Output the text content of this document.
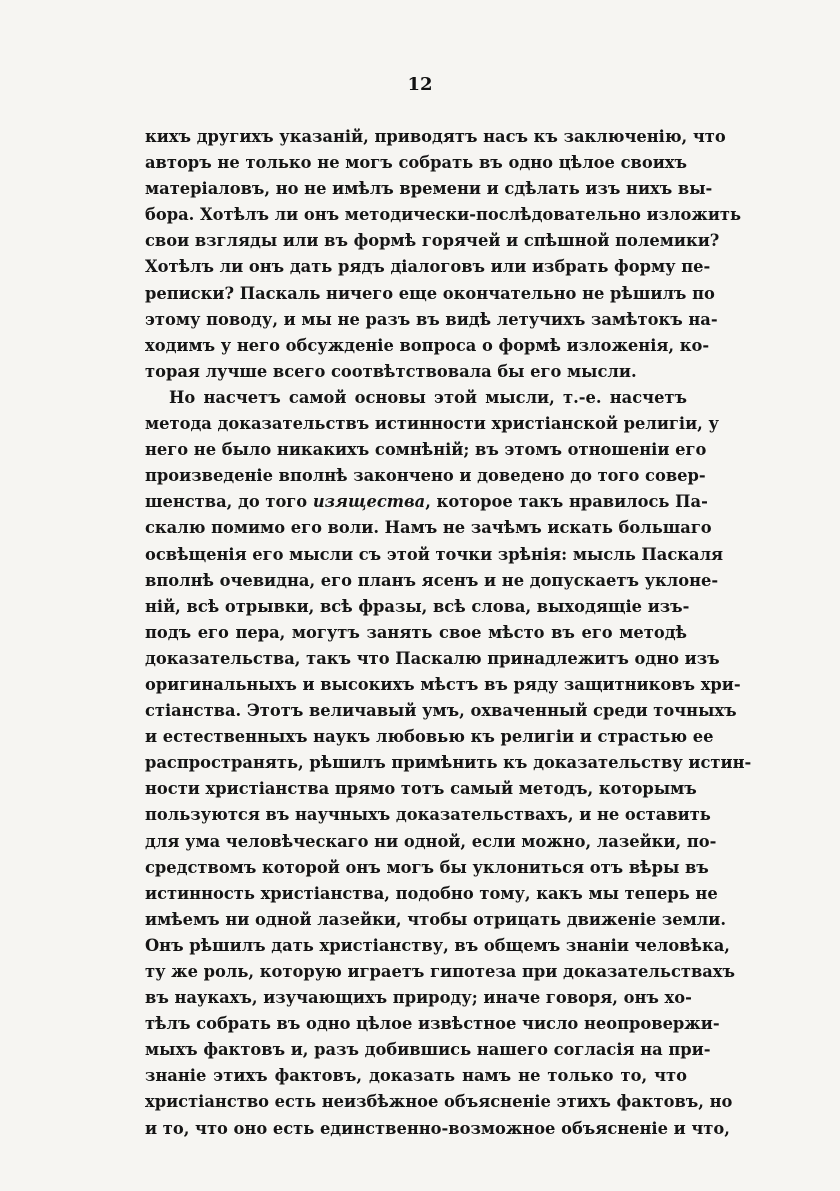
12
кихъ другихъ указаній, приводятъ насъ къ заключенію, что
авторъ не только не могъ собрать въ одно цѣлое своихъ
матеріаловъ, но не имѣлъ времени и сдѣлать изъ нихъ вы-
бора. Хотѣлъ ли онъ методически-послѣдовательно изложить
свои взгляды или въ формѣ горячей и спѣшной полемики?
Хотѣлъ ли онъ дать рядъ діалоговъ или избрать форму пе-
реписки? Паскаль ничего еще окончательно не рѣшилъ по
этому поводу, и мы не разъ въ видѣ летучихъ замѣтокъ на-
ходимъ у него обсужденіе вопроса о формѣ изложенія, ко-
торая лучше всего соотвѣтствовала бы его мысли.
Но насчетъ самой основы этой мысли, т.-е. насчетъ
метода доказательствъ истинности христіанской религіи, у
него не было никакихъ сомнѣній; въ этомъ отношеніи его
произведеніе вполнѣ закончено и доведено до того совер-
шенства, до того изящества, которое такъ нравилось Па-
скалю помимо его воли. Намъ не зачѣмъ искать большаго
освѣщенія его мысли съ этой точки зрѣнія: мысль Паскаля
вполнѣ очевидна, его планъ ясенъ и не допускаетъ уклоне-
ній, всѣ отрывки, всѣ фразы, всѣ слова, выходящіе изъ-
подъ его пера, могутъ занять свое мѣсто въ его методѣ
доказательства, такъ что Паскалю принадлежитъ одно изъ
оригинальныхъ и высокихъ мѣстъ въ ряду защитниковъ хри-
стіанства. Этотъ величавый умъ, охваченный среди точныхъ
и естественныхъ наукъ любовью къ религіи и страстью ее
распространять, рѣшилъ примѣнить къ доказательству истин-
ности христіанства прямо тотъ самый методъ, которымъ
пользуются въ научныхъ доказательствахъ, и не оставить
для ума человѣческаго ни одной, если можно, лазейки, по-
средствомъ которой онъ могъ бы уклониться отъ вѣры въ
истинность христіанства, подобно тому, какъ мы теперь не
имѣемъ ни одной лазейки, чтобы отрицать движеніе земли.
Онъ рѣшилъ дать христіанству, въ общемъ знаніи человѣка,
ту же роль, которую играетъ гипотеза при доказательствахъ
въ наукахъ, изучающихъ природу; иначе говоря, онъ хо-
тѣлъ собрать въ одно цѣлое извѣстное число неопровержи-
мыхъ фактовъ и, разъ добившись нашего согласія на при-
знаніе этихъ фактовъ, доказать намъ не только то, что
христіанство есть неизбѣжное объясненіе этихъ фактовъ, но
и то, что оно есть единственно-возможное объясненіе и что,
